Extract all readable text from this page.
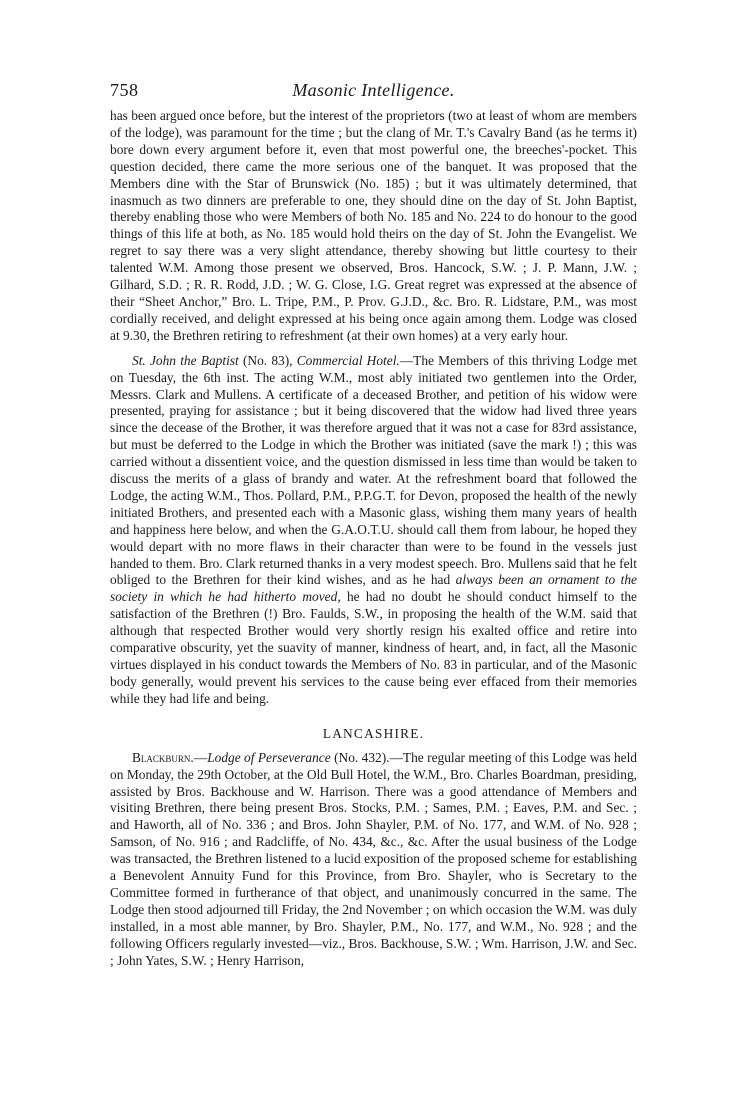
758	Masonic Intelligence.

has been argued once before, but the interest of the proprietors (two at least of whom are members of the lodge), was paramount for the time ; but the clang of Mr. T.'s Cavalry Band (as he terms it) bore down every argument before it, even that most powerful one, the breeches'-pocket. This question decided, there came the more serious one of the banquet. It was proposed that the Members dine with the Star of Brunswick (No. 185) ; but it was ultimately determined, that inasmuch as two dinners are preferable to one, they should dine on the day of St. John Baptist, thereby enabling those who were Members of both No. 185 and No. 224 to do honour to the good things of this life at both, as No. 185 would hold theirs on the day of St. John the Evangelist. We regret to say there was a very slight attendance, thereby showing but little courtesy to their talented W.M. Among those present we observed, Bros. Hancock, S.W. ; J. P. Mann, J.W. ; Gilhard, S.D. ; R. R. Rodd, J.D. ; W. G. Close, I.G. Great regret was expressed at the absence of their “Sheet Anchor,” Bro. L. Tripe, P.M., P. Prov. G.J.D., &c. Bro. R. Lidstare, P.M., was most cordially received, and delight expressed at his being once again among them. Lodge was closed at 9.30, the Brethren retiring to refreshment (at their own homes) at a very early hour.

St. John the Baptist (No. 83), Commercial Hotel.—The Members of this thriving Lodge met on Tuesday, the 6th inst. The acting W.M., most ably initiated two gentlemen into the Order, Messrs. Clark and Mullens. A certificate of a deceased Brother, and petition of his widow were presented, praying for assistance ; but it being discovered that the widow had lived three years since the decease of the Brother, it was therefore argued that it was not a case for 83rd assistance, but must be deferred to the Lodge in which the Brother was initiated (save the mark !) ; this was carried without a dissentient voice, and the question dismissed in less time than would be taken to discuss the merits of a glass of brandy and water. At the refreshment board that followed the Lodge, the acting W.M., Thos. Pollard, P.M., P.P.G.T. for Devon, proposed the health of the newly initiated Brothers, and presented each with a Masonic glass, wishing them many years of health and happiness here below, and when the G.A.O.T.U. should call them from labour, he hoped they would depart with no more flaws in their character than were to be found in the vessels just handed to them. Bro. Clark returned thanks in a very modest speech. Bro. Mullens said that he felt obliged to the Brethren for their kind wishes, and as he had always been an ornament to the society in which he had hitherto moved, he had no doubt he should conduct himself to the satisfaction of the Brethren (!) Bro. Faulds, S.W., in proposing the health of the W.M. said that although that respected Brother would very shortly resign his exalted office and retire into comparative obscurity, yet the suavity of manner, kindness of heart, and, in fact, all the Masonic virtues displayed in his conduct towards the Members of No. 83 in particular, and of the Masonic body generally, would prevent his services to the cause being ever effaced from their memories while they had life and being.

LANCASHIRE.

Blackburn.—Lodge of Perseverance (No. 432).—The regular meeting of this Lodge was held on Monday, the 29th October, at the Old Bull Hotel, the W.M., Bro. Charles Boardman, presiding, assisted by Bros. Backhouse and W. Harrison. There was a good attendance of Members and visiting Brethren, there being present Bros. Stocks, P.M. ; Sames, P.M. ; Eaves, P.M. and Sec. ; and Haworth, all of No. 336 ; and Bros. John Shayler, P.M. of No. 177, and W.M. of No. 928 ; Samson, of No. 916 ; and Radcliffe, of No. 434, &c., &c. After the usual business of the Lodge was transacted, the Brethren listened to a lucid exposition of the proposed scheme for establishing a Benevolent Annuity Fund for this Province, from Bro. Shayler, who is Secretary to the Committee formed in furtherance of that object, and unanimously concurred in the same. The Lodge then stood adjourned till Friday, the 2nd November ; on which occasion the W.M. was duly installed, in a most able manner, by Bro. Shayler, P.M., No. 177, and W.M., No. 928 ; and the following Officers regularly invested—viz., Bros. Backhouse, S.W. ; Wm. Harrison, J.W. and Sec. ; John Yates, S.W. ; Henry Harrison,
